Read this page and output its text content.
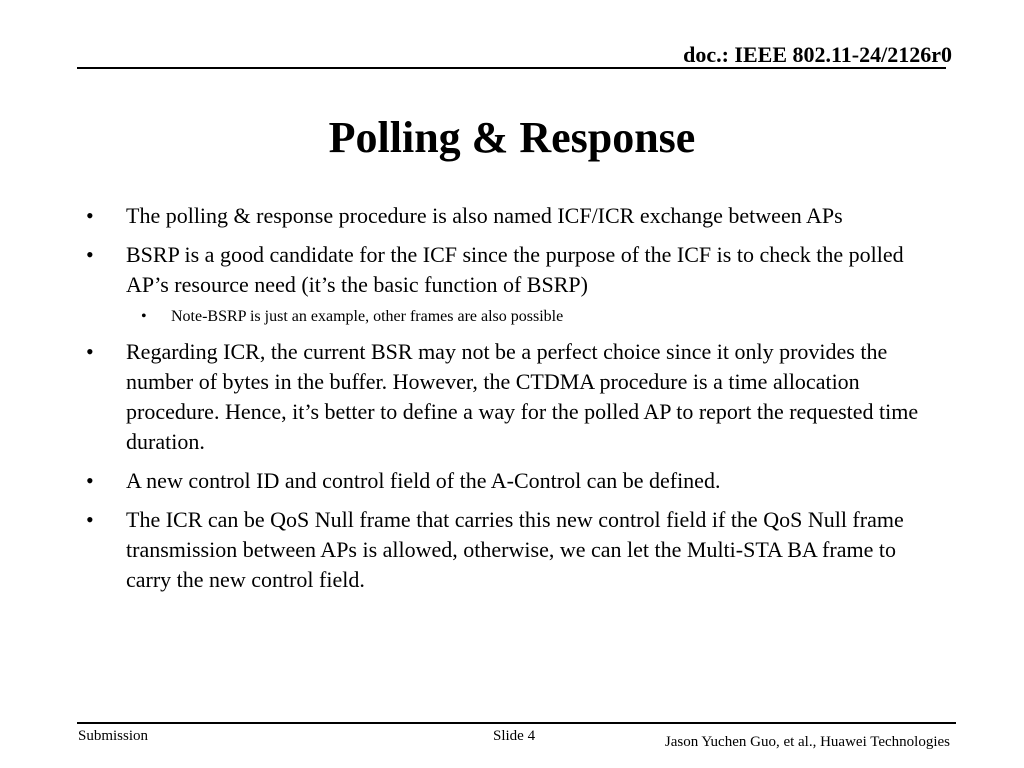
doc.: IEEE 802.11-24/2126r0
Polling & Response
• The polling & response procedure is also named ICF/ICR exchange between APs
• BSRP is a good candidate for the ICF since the purpose of the ICF is to check the polled AP’s resource need (it’s the basic function of BSRP)
• Note-BSRP is just an example, other frames are also possible
• Regarding ICR, the current BSR may not be a perfect choice since it only provides the number of bytes in the buffer. However, the CTDMA procedure is a time allocation procedure. Hence, it’s better to define a way for the polled AP to report the requested time duration.
• A new control ID and control field of the A-Control can be defined.
• The ICR can be QoS Null frame that carries this new control field if the QoS Null frame transmission between APs is allowed, otherwise, we can let the Multi-STA BA frame to carry the new control field.
Submission	Slide 4	Jason Yuchen Guo, et al., Huawei Technologies
